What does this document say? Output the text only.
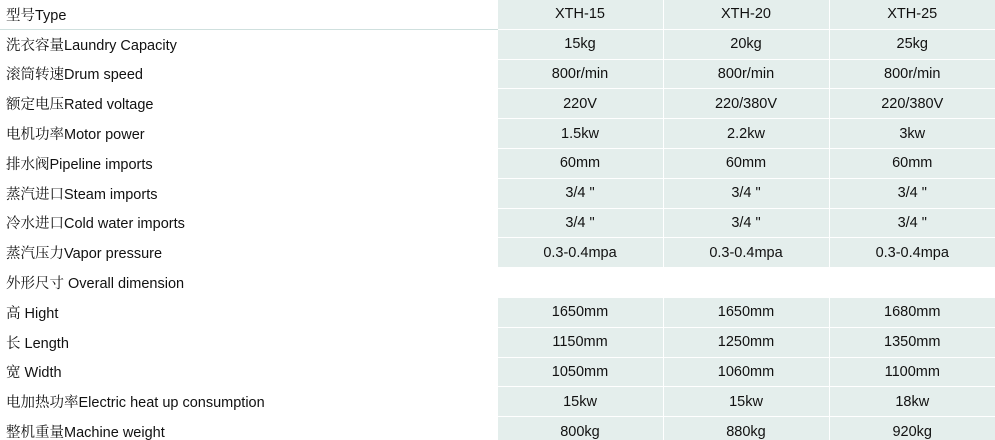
型号Type	XTH-15	XTH-20	XTH-25
洗衣容量Laundry Capacity	15kg	20kg	25kg
滚筒转速Drum speed	800r/min	800r/min	800r/min
额定电压Rated voltage	220V	220/380V	220/380V
电机功率Motor power	1.5kw	2.2kw	3kw
排水阀Pipeline imports	60mm	60mm	60mm
蒸汽进口Steam imports	3/4 "	3/4 "	3/4 "
冷水进口Cold water imports	3/4 "	3/4 "	3/4 "
蒸汽压力Vapor pressure	0.3-0.4mpa	0.3-0.4mpa	0.3-0.4mpa
外形尺寸 Overall dimension			
高 Hight	1650mm	1650mm	1680mm
长 Length	1150mm	1250mm	1350mm
宽 Width	1050mm	1060mm	1100mm
电加热功率Electric heat up consumption	15kw	15kw	18kw
整机重量Machine weight	800kg	880kg	920kg
